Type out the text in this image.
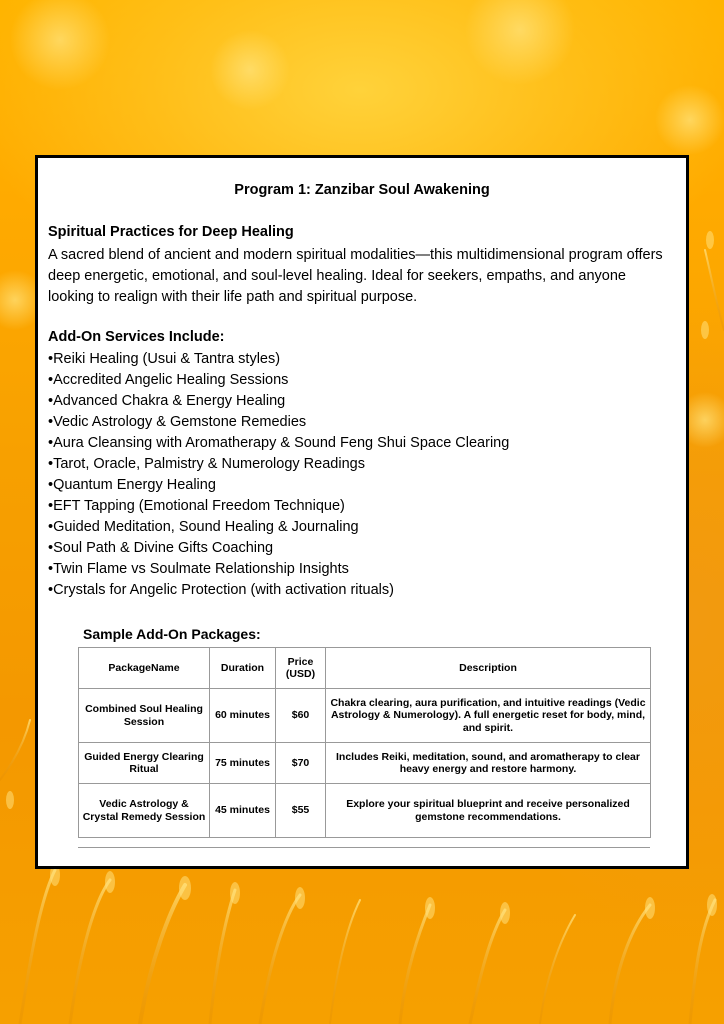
Program 1: Zanzibar Soul Awakening
Spiritual Practices for Deep Healing

A sacred blend of ancient and modern spiritual modalities—this multidimensional program offers deep energetic, emotional, and soul-level healing. Ideal for seekers, empaths, and anyone looking to realign with their life path and spiritual purpose.

Add-On Services Include:
• Reiki Healing (Usui & Tantra styles)
• Accredited Angelic Healing Sessions
• Advanced Chakra & Energy Healing
• Vedic Astrology & Gemstone Remedies
• Aura Cleansing with Aromatherapy & Sound Feng Shui Space Clearing
• Tarot, Oracle, Palmistry & Numerology Readings
• Quantum Energy Healing
• EFT Tapping (Emotional Freedom Technique)
• Guided Meditation, Sound Healing & Journaling
• Soul Path & Divine Gifts Coaching
• Twin Flame vs Soulmate Relationship Insights
• Crystals for Angelic Protection (with activation rituals)
Sample Add-On Packages:
PackageName	Duration	Price (USD)	Description
Combined Soul Healing Session	60 minutes	$60	Chakra clearing, aura purification, and intuitive readings (Vedic Astrology & Numerology). A full energetic reset for body, mind, and spirit.
Guided Energy Clearing Ritual	75 minutes	$70	Includes Reiki, meditation, sound, and aromatherapy to clear heavy energy and restore harmony.
Vedic Astrology & Crystal Remedy Session	45 minutes	$55	Explore your spiritual blueprint and receive personalized gemstone recommendations.
